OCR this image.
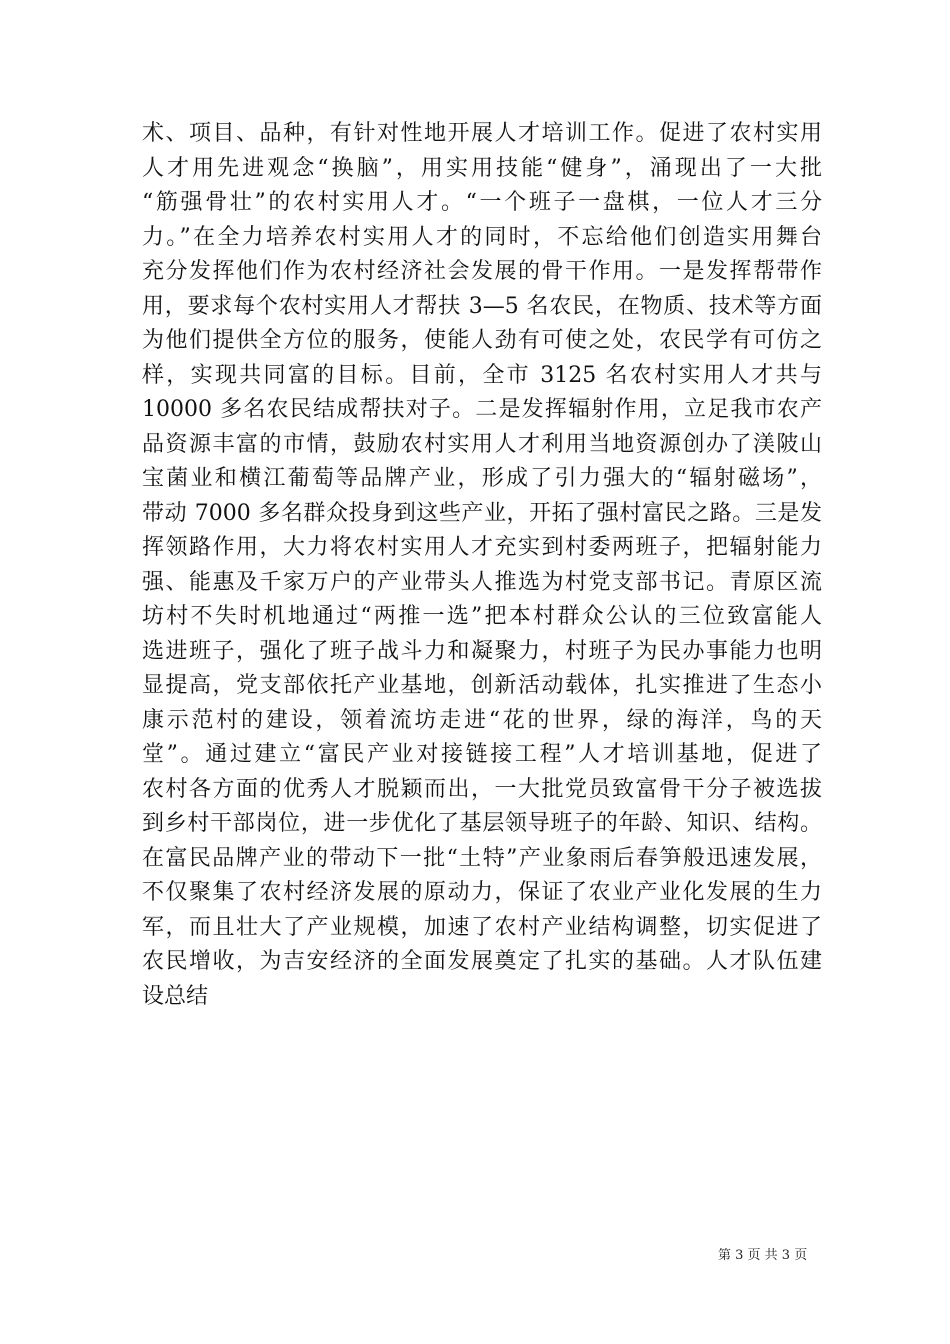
术、项目、品种，有针对性地开展人才培训工作。促进了农村实用
人才用先进观念“换脑”，用实用技能“健身”，涌现出了一大批
“筋强骨壮”的农村实用人才。“一个班子一盘棋，一位人才三分
力。”在全力培养农村实用人才的同时，不忘给他们创造实用舞台
充分发挥他们作为农村经济社会发展的骨干作用。一是发挥帮带作
用，要求每个农村实用人才帮扶 3—5 名农民，在物质、技术等方面
为他们提供全方位的服务，使能人劲有可使之处，农民学有可仿之
样，实现共同富的目标。目前，全市 3125 名农村实用人才共与
10000 多名农民结成帮扶对子。二是发挥辐射作用，立足我市农产
品资源丰富的市情，鼓励农村实用人才利用当地资源创办了渼陂山
宝菌业和横江葡萄等品牌产业，形成了引力强大的“辐射磁场”，
带动 7000 多名群众投身到这些产业，开拓了强村富民之路。三是发
挥领路作用，大力将农村实用人才充实到村委两班子，把辐射能力
强、能惠及千家万户的产业带头人推选为村党支部书记。青原区流
坊村不失时机地通过“两推一选”把本村群众公认的三位致富能人
选进班子，强化了班子战斗力和凝聚力，村班子为民办事能力也明
显提高，党支部依托产业基地，创新活动载体，扎实推进了生态小
康示范村的建设，领着流坊走进“花的世界，绿的海洋，鸟的天
堂”。通过建立“富民产业对接链接工程”人才培训基地，促进了
农村各方面的优秀人才脱颖而出，一大批党员致富骨干分子被选拔
到乡村干部岗位，进一步优化了基层领导班子的年龄、知识、结构。
在富民品牌产业的带动下一批“土特”产业象雨后春笋般迅速发展，
不仅聚集了农村经济发展的原动力，保证了农业产业化发展的生力
军，而且壮大了产业规模，加速了农村产业结构调整，切实促进了
农民增收，为吉安经济的全面发展奠定了扎实的基础。人才队伍建
设总结
第 3 页 共 3 页
